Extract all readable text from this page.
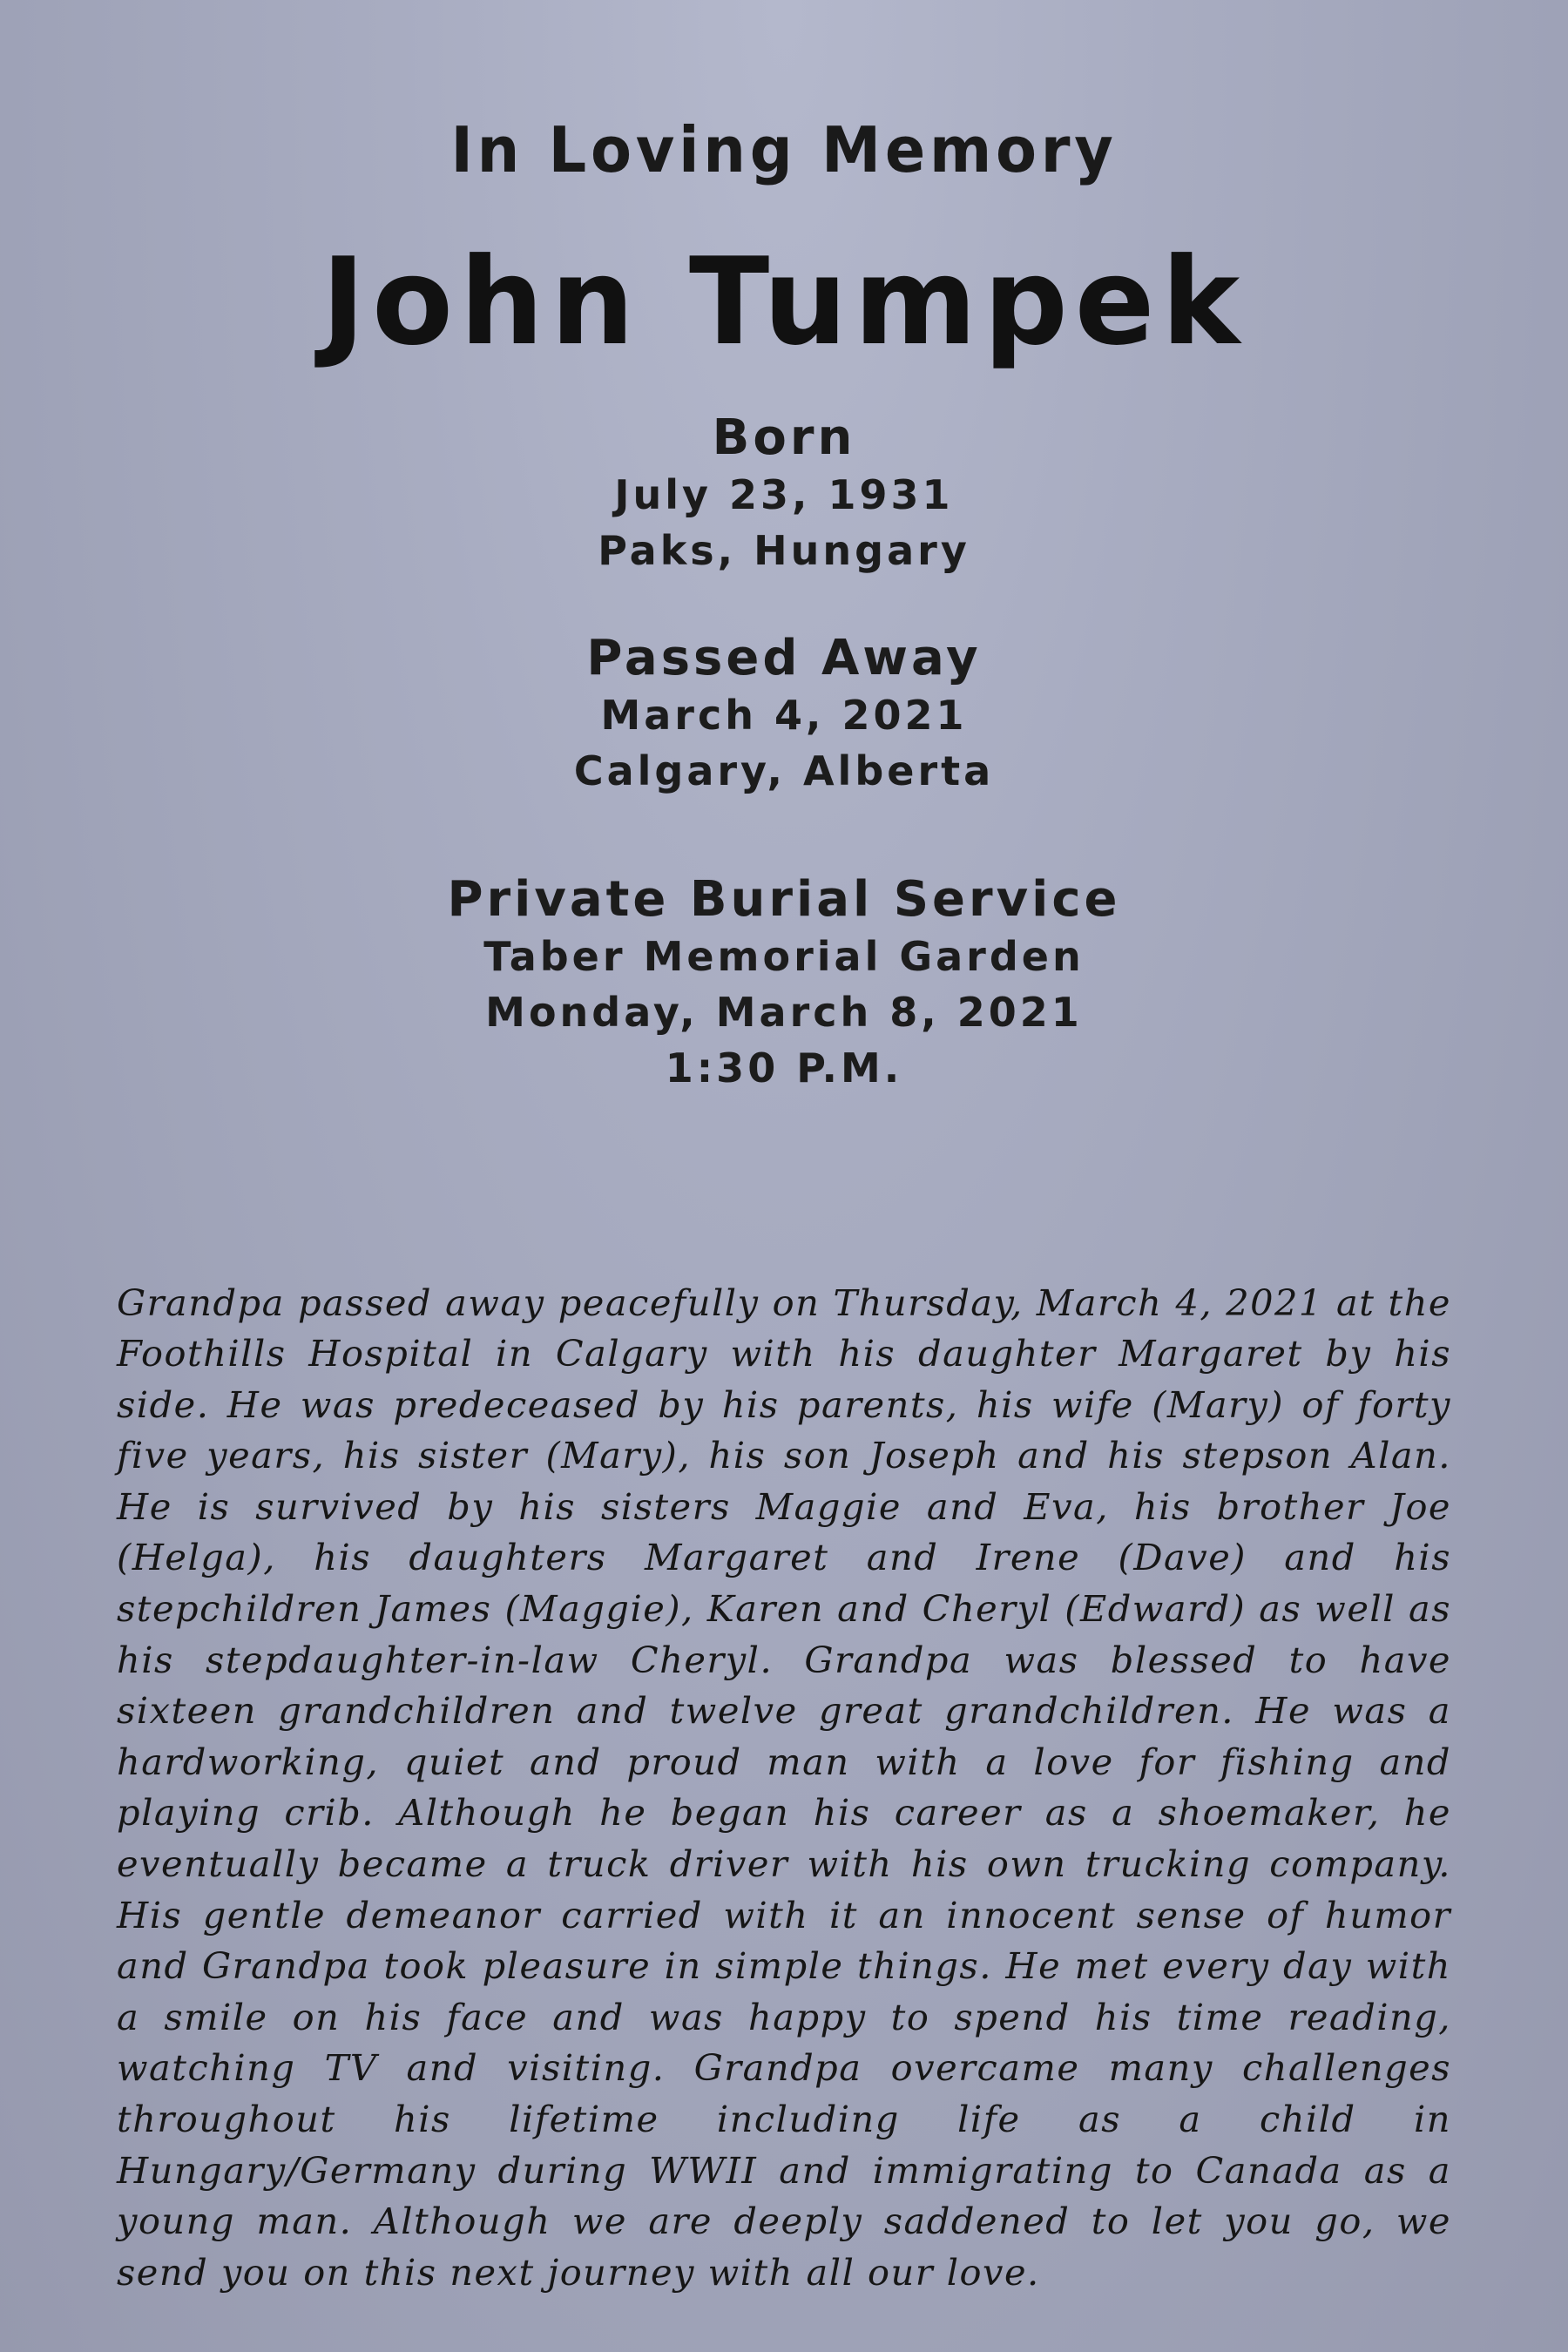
In Loving Memory
John Tumpek
Born
July 23, 1931
Paks, Hungary
Passed Away
March 4, 2021
Calgary, Alberta
Private Burial Service
Taber Memorial Garden
Monday, March 8, 2021
1:30 P.M.

Grandpa passed away peacefully on Thursday, March 4, 2021 at the Foothills Hospital in Calgary with his daughter Margaret by his side. He was predeceased by his parents, his wife (Mary) of forty five years, his sister (Mary), his son Joseph and his stepson Alan. He is survived by his sisters Maggie and Eva, his brother Joe (Helga), his daughters Margaret and Irene (Dave) and his stepchildren James (Maggie), Karen and Cheryl (Edward) as well as his stepdaughter-in-law Cheryl. Grandpa was blessed to have sixteen grandchildren and twelve great grandchildren. He was a hardworking, quiet and proud man with a love for fishing and playing crib. Although he began his career as a shoemaker, he eventually became a truck driver with his own trucking company. His gentle demeanor carried with it an innocent sense of humor and Grandpa took pleasure in simple things. He met every day with a smile on his face and was happy to spend his time reading, watching TV and visiting. Grandpa overcame many challenges throughout his lifetime including life as a child in Hungary/Germany during WWII and immigrating to Canada as a young man. Although we are deeply saddened to let you go, we send you on this next journey with all our love.
